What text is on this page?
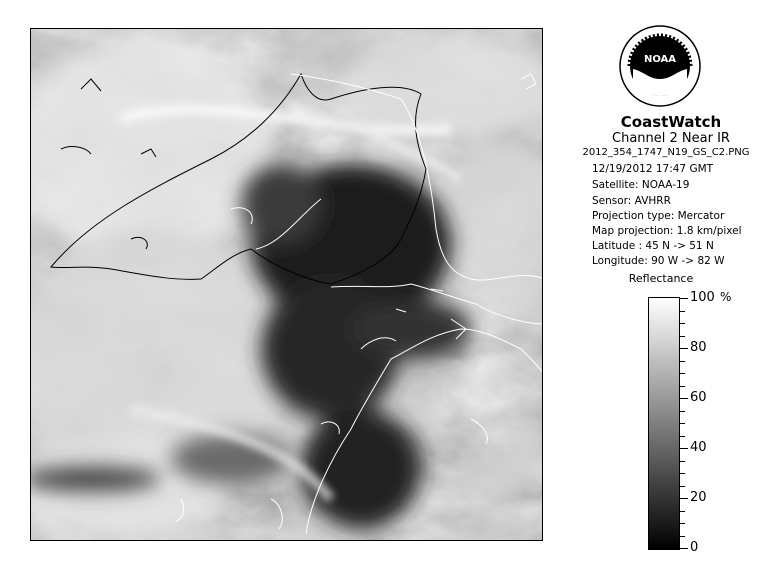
NOAA
CoastWatch
Channel 2 Near IR
2012_354_1747_N19_GS_C2.PNG
12/19/2012 17:47 GMT
Satellite: NOAA-19
Sensor: AVHRR
Projection type: Mercator
Map projection: 1.8 km/pixel
Latitude : 45 N -> 51 N
Longitude: 90 W -> 82 W
Reflectance
%
100
80
60
40
20
0
